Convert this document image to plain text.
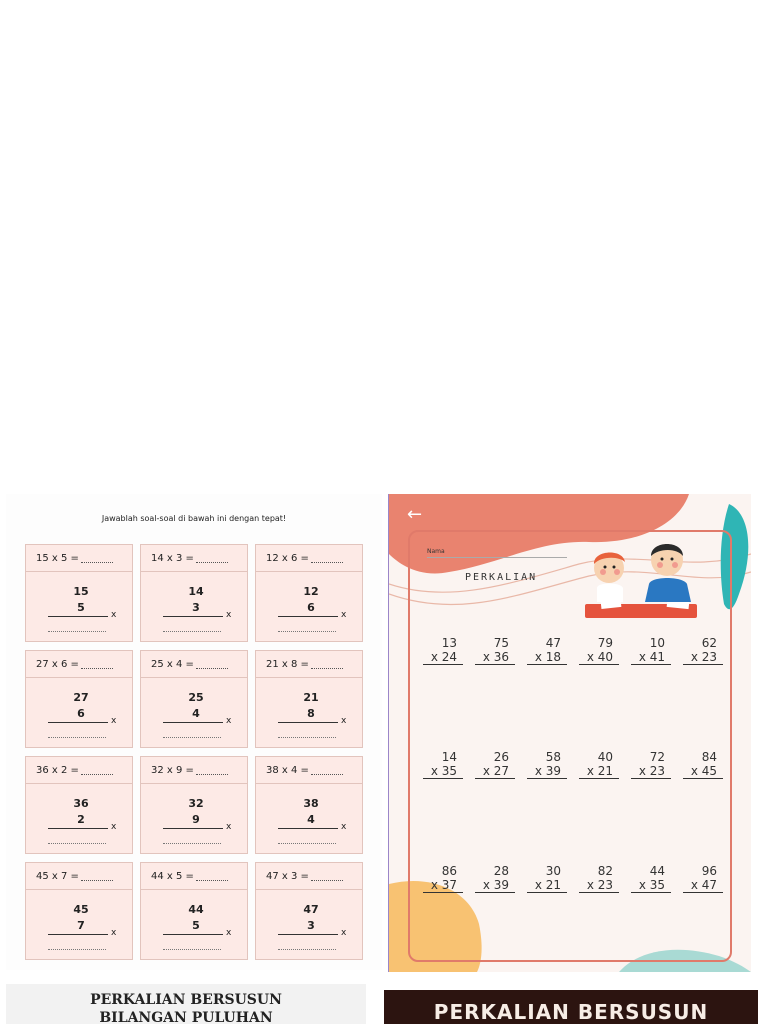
Jawablah soal-soal di bawah ini dengan tepat!
15 x 5 =
15
5
x
14 x 3 =
14
3
x
12 x 6 =
12
6
x
27 x 6 =
27
6
x
25 x 4 =
25
4
x
21 x 8 =
21
8
x
36 x 2 =
36
2
x
32 x 9 =
32
9
x
38 x 4 =
38
4
x
45 x 7 =
45
7
x
44 x 5 =
44
5
x
47 x 3 =
47
3
x
←
Nama
PERKALIAN
13
x 24
75
x 36
47
x 18
79
x 40
10
x 41
62
x 23
14
x 35
26
x 27
58
x 39
40
x 21
72
x 23
84
x 45
86
x 37
28
x 39
30
x 21
82
x 23
44
x 35
96
x 47
PERKALIAN BERSUSUN
BILANGAN PULUHAN	PERKALIAN BERSUSUN
